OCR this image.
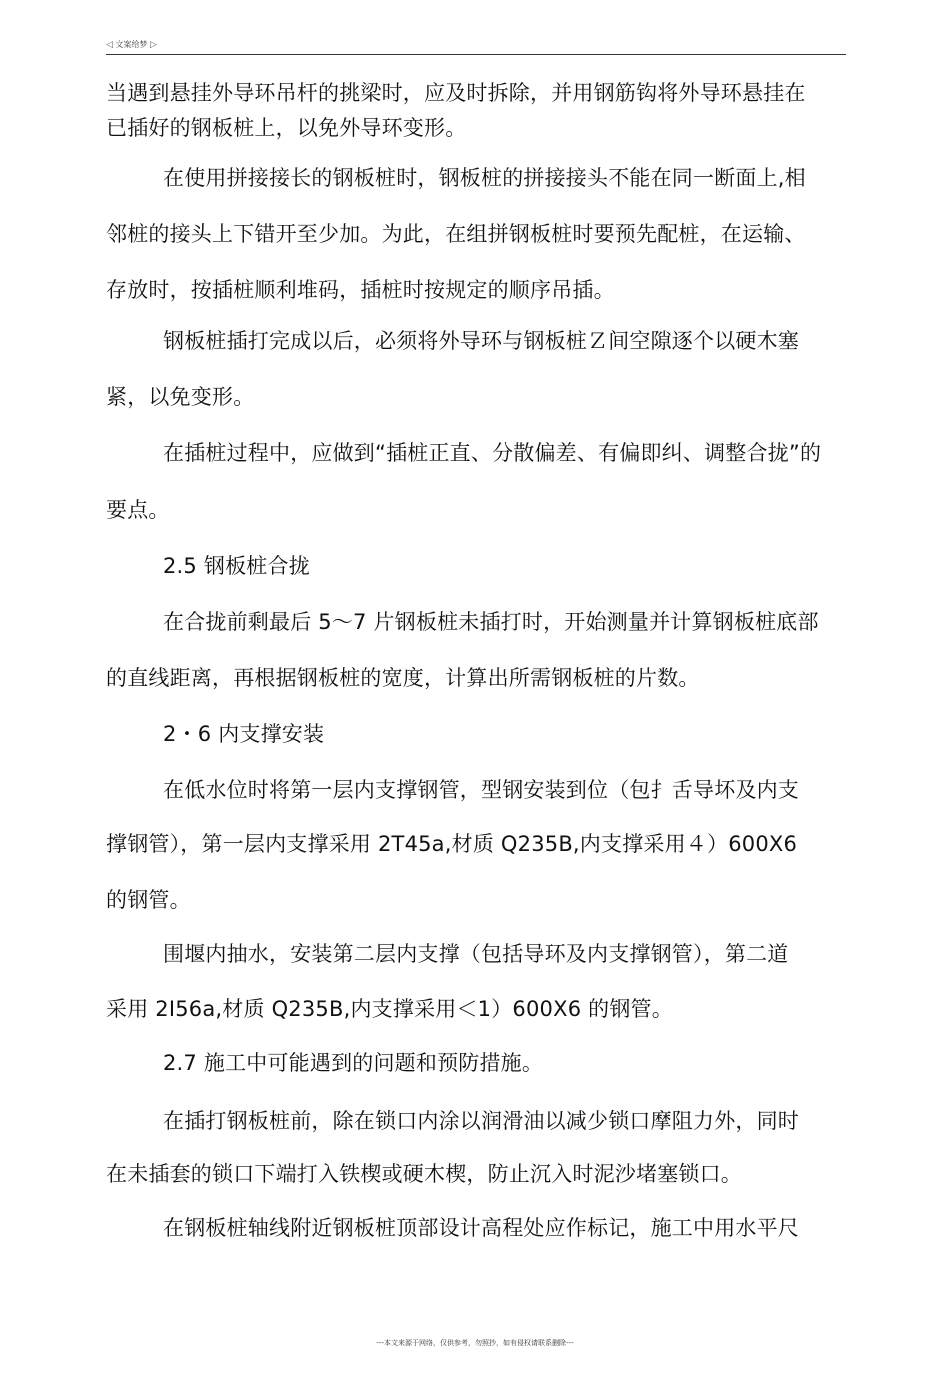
◁ 文案给梦 ▷
当遇到悬挂外导环吊杆的挑梁时，应及时拆除，并用钢筋钩将外导环悬挂在
已插好的钢板桩上，以免外导环变形。
在使用拼接接长的钢板桩时，钢板桩的拼接接头不能在同一断面上,相
邻桩的接头上下错开至少加。为此，在组拼钢板桩时要预先配桩，在运输、
存放时，按插桩顺利堆码，插桩时按规定的顺序吊插。
钢板桩插打完成以后，必须将外导环与钢板桩Ｚ间空隙逐个以硬木塞
紧，以免变形。
在插桩过程中，应做到“插桩正直、分散偏差、有偏即纠、调整合拢”的
要点。
2.5 钢板桩合拢
在合拢前剩最后 5〜7 片钢板桩未插打时，开始测量并计算钢板桩底部
的直线距离，再根据钢板桩的宽度，计算出所需钢板桩的片数。
2・6 内支撑安装
在低水位时将第一层内支撑钢管，型钢安装到位（包扌舌导坏及内支
撑钢管），第一层内支撑采用 2T45a,材质 Q235B,内支撑采用４）600X6
的钢管。
围堰内抽水，安装第二层内支撑（包括导环及内支撑钢管），第二道
采用 2I56a,材质 Q235B,内支撑采用＜1）600X6 的钢管。
2.7 施工中可能遇到的问题和预防措施。
在插打钢板桩前，除在锁口内涂以润滑油以减少锁口摩阻力外，同时
在未插套的锁口下端打入铁楔或硬木楔，防止沉入时泥沙堵塞锁口。
在钢板桩轴线附近钢板桩顶部设计高程处应作标记，施工中用水平尺
---本文来源于网络，仅供参考，勿照抄，如有侵权请联系删除---
